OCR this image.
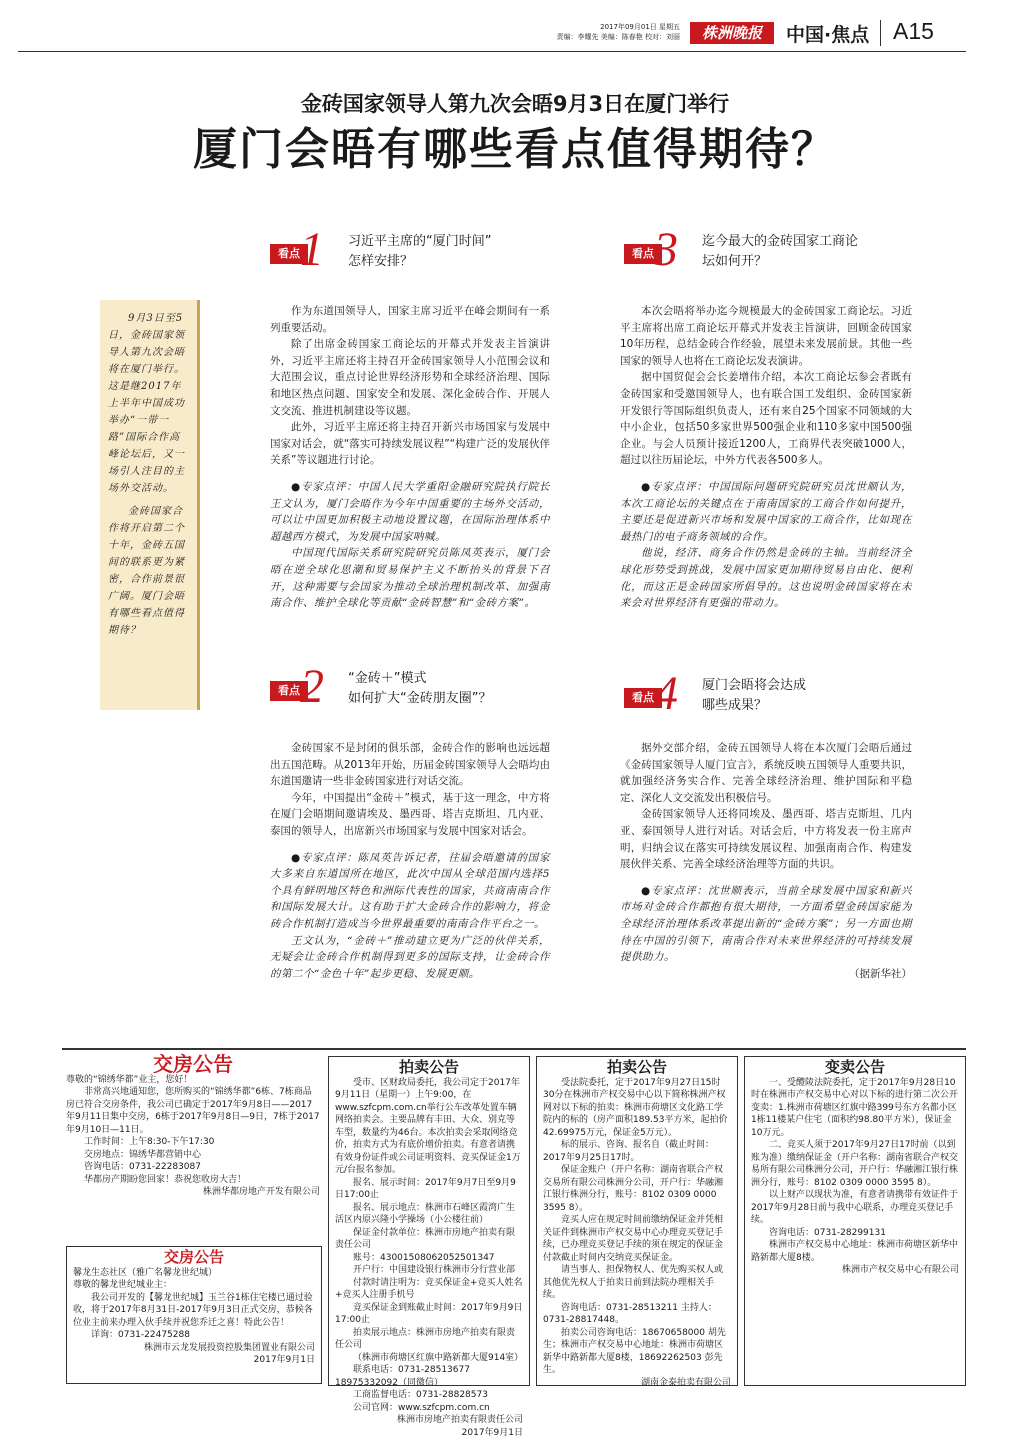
2017年09月01日 星期五
责编：李耀先 美编：陈春艳 校对：刘丽	株洲晚报	中国·焦点 A15
金砖国家领导人第九次会晤9月3日在厦门举行
厦门会晤有哪些看点值得期待？

9月3日至5日，金砖国家领导人第九次会晤将在厦门举行。这是继2017年上半年中国成功举办“一带一路”国际合作高峰论坛后，又一场引人注目的主场外交活动。

金砖国家合作将开启第二个十年，金砖五国间的联系更为紧密，合作前景很广阔。厦门会晤有哪些看点值得期待？

看点 1 习近平主席的“厦门时间”
怎样安排？

作为东道国领导人，国家主席习近平在峰会期间有一系列重要活动。

除了出席金砖国家工商论坛的开幕式并发表主旨演讲外，习近平主席还将主持召开金砖国家领导人小范围会议和大范围会议，重点讨论世界经济形势和全球经济治理、国际和地区热点问题、国家安全和发展、深化金砖合作、开展人文交流、推进机制建设等议题。

此外，习近平主席还将主持召开新兴市场国家与发展中国家对话会，就“落实可持续发展议程”“构建广泛的发展伙伴关系”等议题进行讨论。

●专家点评：中国人民大学重阳金融研究院执行院长王文认为，厦门会晤作为今年中国重要的主场外交活动，可以让中国更加积极主动地设置议题，在国际治理体系中超越西方模式，为发展中国家呐喊。

中国现代国际关系研究院研究员陈凤英表示，厦门会晤在逆全球化思潮和贸易保护主义不断抬头的背景下召开，这种需要与会国家为推动全球治理机制改革、加强南南合作、维护全球化等贡献“金砖智慧”和“金砖方案”。

看点 2 “金砖＋”模式
如何扩大“金砖朋友圈”？

金砖国家不是封闭的俱乐部，金砖合作的影响也远远超出五国范畴。从2013年开始，历届金砖国家领导人会晤均由东道国邀请一些非金砖国家进行对话交流。

今年，中国提出“金砖＋”模式，基于这一理念，中方将在厦门会晤期间邀请埃及、墨西哥、塔吉克斯坦、几内亚、泰国的领导人，出席新兴市场国家与发展中国家对话会。

●专家点评：陈凤英告诉记者，往届会晤邀请的国家大多来自东道国所在地区，此次中国从全球范围内选择5个具有鲜明地区特色和洲际代表性的国家，共商南南合作和国际发展大计。这有助于扩大金砖合作的影响力，将金砖合作机制打造成当今世界最重要的南南合作平台之一。

王文认为，“金砖＋”推动建立更为广泛的伙伴关系，无疑会让金砖合作机制得到更多的国际支持，让金砖合作的第二个“金色十年”起步更稳、发展更顺。

看点 3 迄今最大的金砖国家工商论
坛如何开？

本次会晤将举办迄今规模最大的金砖国家工商论坛。习近平主席将出席工商论坛开幕式并发表主旨演讲，回顾金砖国家10年历程，总结金砖合作经验，展望未来发展前景。其他一些国家的领导人也将在工商论坛发表演讲。

据中国贸促会会长姜增伟介绍，本次工商论坛参会者既有金砖国家和受邀国领导人，也有联合国工发组织、金砖国家新开发银行等国际组织负责人，还有来自25个国家不同领域的大中小企业，包括50多家世界500强企业和110多家中国500强企业。与会人员预计接近1200人，工商界代表突破1000人，超过以往历届论坛，中外方代表各500多人。

●专家点评：中国国际问题研究院研究员沈世顺认为，本次工商论坛的关键点在于南南国家的工商合作如何提升，主要还是促进新兴市场和发展中国家的工商合作，比如现在最热门的电子商务领域的合作。

他说，经济、商务合作仍然是金砖的主轴。当前经济全球化形势受到挑战，发展中国家更加期待贸易自由化、便利化，而这正是金砖国家所倡导的。这也说明金砖国家将在未来会对世界经济有更强的带动力。

看点 4 厦门会晤将会达成
哪些成果？

据外交部介绍，金砖五国领导人将在本次厦门会晤后通过《金砖国家领导人厦门宣言》，系统反映五国领导人重要共识，就加强经济务实合作、完善全球经济治理、维护国际和平稳定、深化人文交流发出积极信号。

金砖国家领导人还将同埃及、墨西哥、塔吉克斯坦、几内亚、泰国领导人进行对话。对话会后，中方将发表一份主席声明，归纳会议在落实可持续发展议程、加强南南合作、构建发展伙伴关系、完善全球经济治理等方面的共识。

●专家点评：沈世顺表示，当前全球发展中国家和新兴市场对金砖合作都抱有很大期待，一方面希望金砖国家能为全球经济治理体系改革提出新的“金砖方案”；另一方面也期待在中国的引领下，南南合作对未来世界经济的可持续发展提供助力。

（据新华社）

交房公告

尊敬的“锦绣华都”业主，您好！

非常高兴地通知您，您所购买的“锦绣华都”6栋、7栋商品房已符合交房条件，我公司已确定于2017年9月8日——2017年9月11日集中交房，6栋于2017年9月8日—9日，7栋于2017年9月10日—11日。

工作时间：上午8:30-下午17:30

交房地点：锦绣华都营销中心

咨询电话：0731-22283087

华都房产期盼您回家！恭祝您收房大吉！

株洲华都房地产开发有限公司

交房公告

馨龙生态社区（雅广名馨龙世纪城）

尊敬的馨龙世纪城业主：

我公司开发的【馨龙世纪城】玉兰谷1栋住宅楼已通过验收，将于2017年8月31日-2017年9月3日正式交房，恭候各位业主前来办理入伙手续并祝您乔迁之喜！特此公告！

详询：0731-22475288

株洲市云龙发展投资控股集团置业有限公司

2017年9月1日

拍卖公告

受市、区财政局委托，我公司定于2017年9月11日（星期一）上午9:00，在www.szfcpm.com.cn举行公车改革处置车辆网络拍卖会。主要品牌有丰田、大众、别克等车型，数量约为46台。本次拍卖会采取网络竞价，拍卖方式为有底价增价拍卖。有意者请携有效身份证件或公司证明资料、竞买保证金1万元/台报名参加。

报名、展示时间：2017年9月7日至9月9日17:00止

报名、展示地点：株洲市石峰区霞湾广生活区内原兴隆小学操场（小公楼往前）

保证金付款单位：株洲市房地产拍卖有限责任公司

账号：43001508062052501347

开户行：中国建设银行株洲市分行营业部

付款时请注明为：竞买保证金+竞买人姓名+竞买人注册手机号

竞买保证金到账截止时间：2017年9月9日17:00止

拍卖展示地点：株洲市房地产拍卖有限责任公司

（株洲市荷塘区红旗中路新都大厦914室）

联系电话：0731-28513677 18975332092（同微信）

工商监督电话：0731-28828573

公司官网：www.szfcpm.com.cn

株洲市房地产拍卖有限责任公司

2017年9月1日

拍卖公告

受法院委托，定于2017年9月27日15时30分在株洲市产权交易中心以下简称株洲产权网对以下标的拍卖：株洲市荷塘区文化路工学院内的标的（房产面积189.53平方米，起拍价42.69975万元，保证金5万元）。

标的展示、咨询、报名自（截止时间：2017年9月25日17时。

保证金账户（开户名称：湖南省联合产权交易所有限公司株洲分公司，开户行：华融湘江银行株洲分行，账号：8102 0309 0000 3595 8）。

竞买人应在规定时间前缴纳保证金并凭相关证件到株洲市产权交易中心办理竞买登记手续，已办理竞买登记手续的须在规定的保证金付款截止时间内交纳竞买保证金。

请当事人、担保物权人、优先购买权人或其他优先权人于拍卖日前到法院办理相关手续。

咨询电话：0731-28513211 主持人：0731-28817448。

拍卖公司咨询电话：18670658000 胡先生；株洲市产权交易中心地址：株洲市荷塘区新华中路新都大厦8楼，18692262503 彭先生。

湖南金泰拍卖有限公司

变卖公告

一、受醴陵法院委托，定于2017年9月28日10时在株洲市产权交易中心对以下标的进行第二次公开变卖：1.株洲市荷塘区红旗中路399号东方名都小区1栋11楼某户住宅（面积约98.80平方米），保证金10万元。

二、竞买人须于2017年9月27日17时前（以到账为准）缴纳保证金（开户名称：湖南省联合产权交易所有限公司株洲分公司，开户行：华融湘江银行株洲分行，账号：8102 0309 0000 3595 8）。

以上财产以现状为准，有意者请携带有效证件于2017年9月28日前与我中心联系，办理竞买登记手续。

咨询电话：0731-28299131

株洲市产权交易中心地址：株洲市荷塘区新华中路新都大厦8楼。

株洲市产权交易中心有限公司
